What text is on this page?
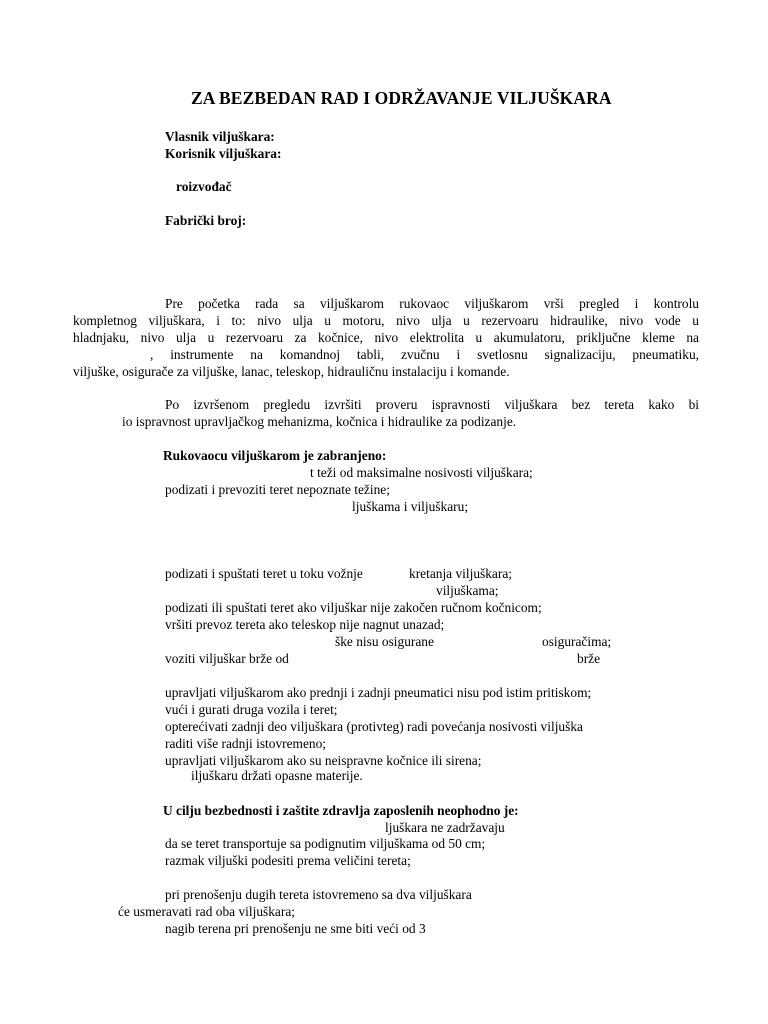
ZA BEZBEDAN RAD I ODRŽAVANJE VILJUŠKARA
Vlasnik viljuškara:
Korisnik viljuškara:
roizvođač
Fabrički broj:
Pre početka rada sa viljuškarom rukovaoc viljuškarom vrši pregled i kontrolu
kompletnog viljuškara, i to: nivo ulja u motoru, nivo ulja u rezervoaru hidraulike, nivo vode u
hladnjaku, nivo ulja u rezervoaru za kočnice, nivo elektrolita u akumulatoru, priključne kleme na
, instrumente na komandnoj tabli, zvučnu i svetlosnu signalizaciju, pneumatiku,
viljuške, osigurače za viljuške, lanac, teleskop, hidrauličnu instalaciju i komande.
Po izvršenom pregledu izvršiti proveru ispravnosti viljuškara bez tereta kako bi
io ispravnost upravljačkog mehanizma, kočnica i hidraulike za podizanje.
Rukovaocu viljuškarom je zabranjeno:
t teži od maksimalne nosivosti viljuškara;
podizati i prevoziti teret nepoznate težine;
ljuškama i viljuškaru;
podizati i spuštati teret u toku vožnje	kretanja viljuškara;
viljuškama;
podizati ili spuštati teret ako viljuškar nije zakočen ručnom kočnicom;
vršiti prevoz tereta ako teleskop nije nagnut unazad;
ške nisu osigurane	osiguračima;
voziti viljuškar brže od	brže
upravljati viljuškarom ako prednji i zadnji pneumatici nisu pod istim pritiskom;
vući i gurati druga vozila i teret;
opterećivati zadnji deo viljuškara (protivteg) radi povećanja nosivosti viljuška
raditi više radnji istovremeno;
upravljati viljuškarom ako su neispravne kočnice ili sirena;
iljuškaru držati opasne materije.
U cilju bezbednosti i zaštite zdravlja zaposlenih neophodno je:
ljuškara ne zadržavaju
da se teret transportuje sa podignutim viljuškama od 50 cm;
razmak viljuški podesiti prema veličini tereta;
pri prenošenju dugih tereta istovremeno sa dva viljuškara
će usmeravati rad oba viljuškara;
nagib terena pri prenošenju ne sme biti veći od 3
